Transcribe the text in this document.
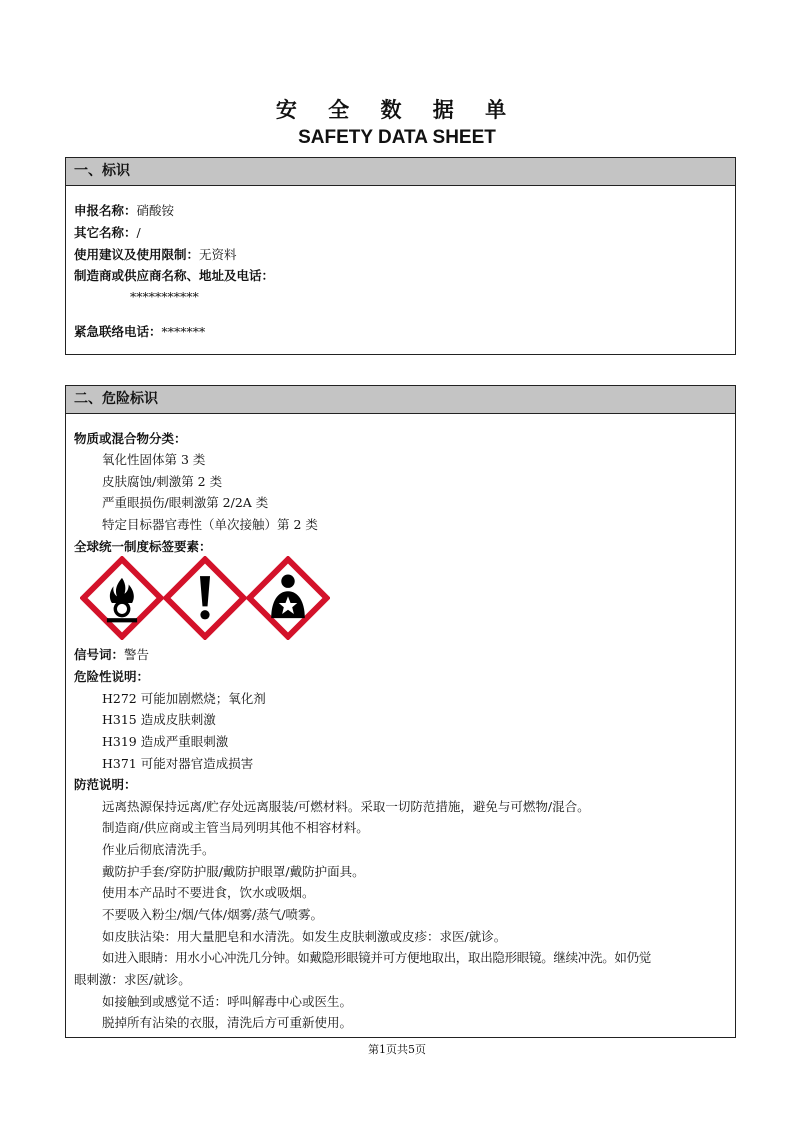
安 全 数 据 单
SAFETY DATA SHEET
一、标识
申报名称：硝酸铵
其它名称：/
使用建议及使用限制：无资料
制造商或供应商名称、地址及电话：
***********
紧急联络电话：*******
二、危险标识
物质或混合物分类：
氧化性固体第 3 类
皮肤腐蚀/刺激第 2 类
严重眼损伤/眼刺激第 2/2A 类
特定目标器官毒性（单次接触）第 2 类
全球统一制度标签要素：
信号词：警告
危险性说明：
H272 可能加剧燃烧；氧化剂
H315 造成皮肤刺激
H319 造成严重眼刺激
H371 可能对器官造成损害
防范说明：
远离热源保持远离/贮存处远离服装/可燃材料。采取一切防范措施，避免与可燃物/混合。
制造商/供应商或主管当局列明其他不相容材料。
作业后彻底清洗手。
戴防护手套/穿防护服/戴防护眼罩/戴防护面具。
使用本产品时不要进食，饮水或吸烟。
不要吸入粉尘/烟/气体/烟雾/蒸气/喷雾。
如皮肤沾染：用大量肥皂和水清洗。如发生皮肤刺激或皮疹：求医/就诊。
如进入眼睛：用水小心冲洗几分钟。如戴隐形眼镜并可方便地取出，取出隐形眼镜。继续冲洗。如仍觉
眼刺激：求医/就诊。
如接触到或感觉不适：呼叫解毒中心或医生。
脱掉所有沾染的衣服，清洗后方可重新使用。
第1页共5页
